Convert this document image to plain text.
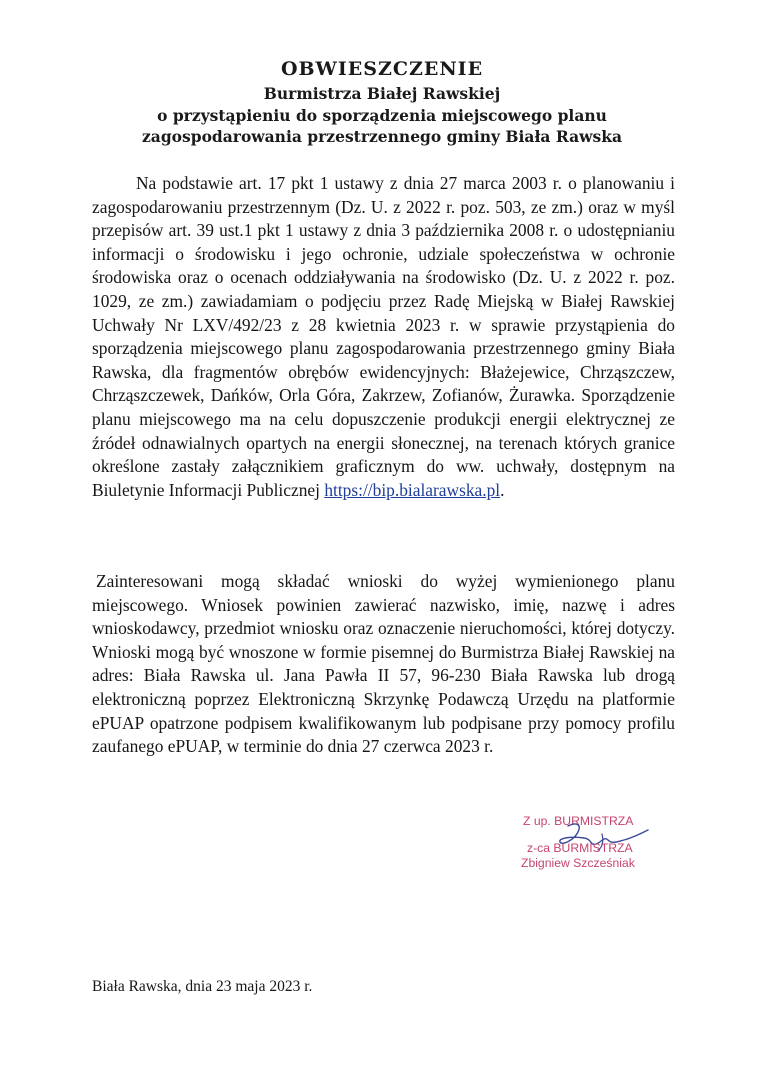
OBWIESZCZENIE
Burmistrza Białej Rawskiej
o przystąpieniu do sporządzenia miejscowego planu
zagospodarowania przestrzennego gminy Biała Rawska
Na podstawie art. 17 pkt 1 ustawy z dnia 27 marca 2003 r. o planowaniu i zagospodarowaniu przestrzennym (Dz. U. z 2022 r. poz. 503, ze zm.) oraz w myśl przepisów art. 39 ust.1 pkt 1 ustawy z dnia 3 października 2008 r. o udostępnianiu informacji o środowisku i jego ochronie, udziale społeczeństwa w ochronie środowiska oraz o ocenach oddziaływania na środowisko (Dz. U. z 2022 r. poz. 1029, ze zm.) zawiadamiam o podjęciu przez Radę Miejską w Białej Rawskiej Uchwały Nr LXV/492/23 z 28 kwietnia 2023 r. w sprawie przystąpienia do sporządzenia miejscowego planu zagospodarowania przestrzennego gminy Biała Rawska, dla fragmentów obrębów ewidencyjnych: Błażejewice, Chrząszczew, Chrząszczewek, Dańków, Orla Góra, Zakrzew, Zofianów, Żurawka. Sporządzenie planu miejscowego ma na celu dopuszczenie produkcji energii elektrycznej ze źródeł odnawialnych opartych na energii słonecznej, na terenach których granice określone zastały załącznikiem graficznym do ww. uchwały, dostępnym na Biuletynie Informacji Publicznej https://bip.bialarawska.pl.
Zainteresowani mogą składać wnioski do wyżej wymienionego planu miejscowego. Wniosek powinien zawierać nazwisko, imię, nazwę i adres wnioskodawcy, przedmiot wniosku oraz oznaczenie nieruchomości, której dotyczy. Wnioski mogą być wnoszone w formie pisemnej do Burmistrza Białej Rawskiej na adres: Biała Rawska ul. Jana Pawła II 57, 96-230 Biała Rawska lub drogą elektroniczną poprzez Elektroniczną Skrzynkę Podawczą Urzędu na platformie ePUAP opatrzone podpisem kwalifikowanym lub podpisane przy pomocy profilu zaufanego ePUAP, w terminie do dnia 27 czerwca 2023 r.
Z up. BURMISTRZA
z-ca BURMISTRZA
Zbigniew Szcześniak
Biała Rawska, dnia 23 maja 2023 r.
